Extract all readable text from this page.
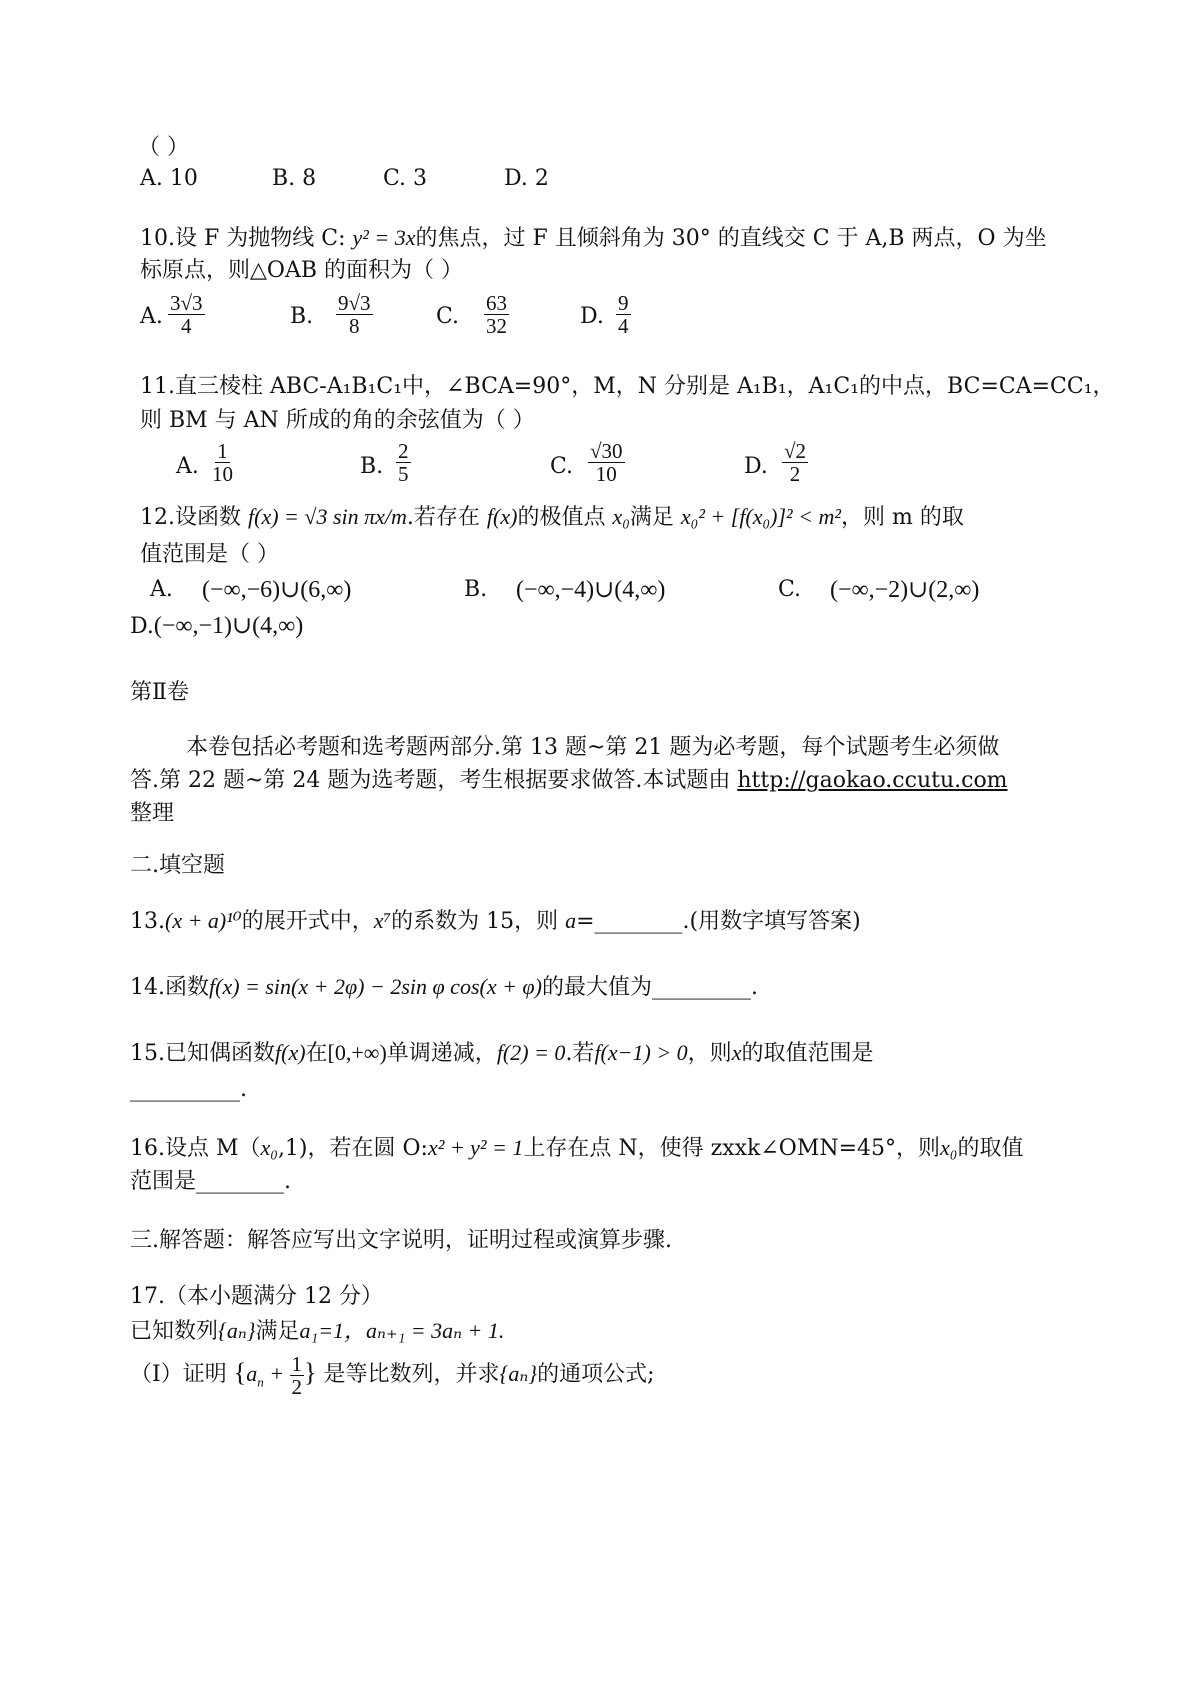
（ ）
A. 10	B. 8	C. 3	D. 2
10.设 F 为抛物线 C: y² = 3x的焦点，过 F 且倾斜角为 30° 的直线交 C 于 A,B 两点，O 为坐
标原点，则△OAB 的面积为（ ）
A. $\frac{3√3}{4}$	B. $\frac{9√3}{8}$	C. $\frac{63}{32}$	D. $\frac{9}{4}$
11.直三棱柱 ABC-A₁B₁C₁中，∠BCA=90°，M，N 分别是 A₁B₁，A₁C₁的中点，BC=CA=CC₁，
则 BM 与 AN 所成的角的余弦值为（ ）
A. $\frac{1}{10}$	B. $\frac{2}{5}$	C. $\frac{√30}{10}$	D. $\frac{√2}{2}$
12.设函数 f(x) = √3 sin πx/m.若存在 f(x)的极值点 x₀满足 x₀² + [f(x₀)]² < m²，则 m 的取
值范围是（ ）
A. (−∞,−6)∪(6,∞)	B. (−∞,−4)∪(4,∞)	C. (−∞,−2)∪(2,∞)
D.(−∞,−1)∪(4,∞)
第Ⅱ卷
本卷包括必考题和选考题两部分.第 13 题~第 21 题为必考题，每个试题考生必须做
答.第 22 题~第 24 题为选考题，考生根据要求做答.本试题由 http://gaokao.ccutu.com
整理
二.填空题
13.(x + a)¹⁰的展开式中，x⁷的系数为 15，则 a=________.(用数字填写答案)
14.函数f(x) = sin(x + 2φ) − 2sin φ cos(x + φ)的最大值为_________.
15.已知偶函数f(x)在[0,+∞)单调递减，f(2) = 0.若f(x−1) > 0，则x的取值范围是
__________.
16.设点 M（x₀,1)，若在圆 O:x² + y² = 1上存在点 N，使得 zxxk∠OMN=45°，则x₀的取值
范围是________.
三.解答题：解答应写出文字说明，证明过程或演算步骤.
17.（本小题满分 12 分）
已知数列{aₙ}满足a₁=1，aₙ₊₁ = 3aₙ + 1.
（Ⅰ）证明 {$a_n + \frac{1}{2}$ } 是等比数列，并求{aₙ}的通项公式;
